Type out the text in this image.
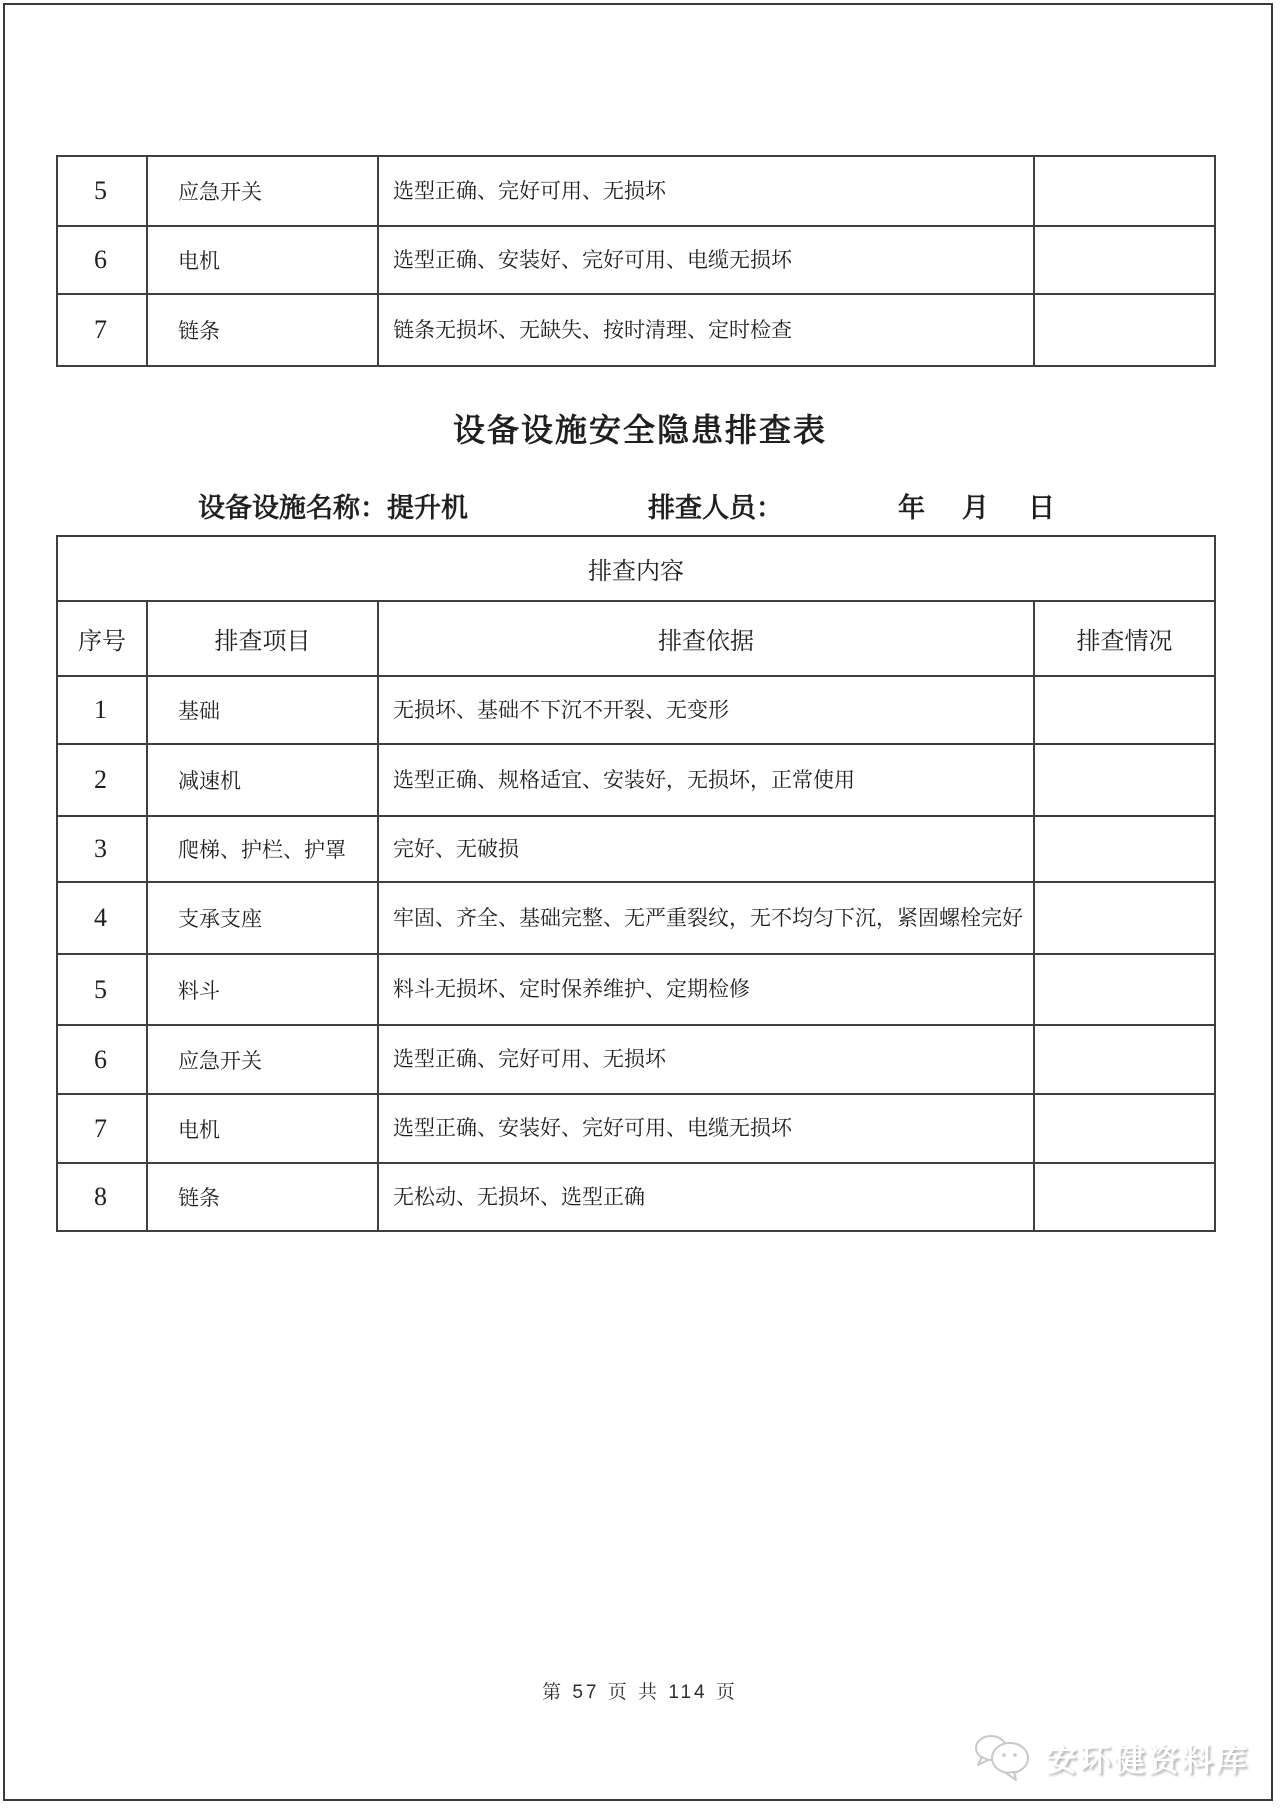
5	应急开关	选型正确、完好可用、无损坏	
6	电机	选型正确、安装好、完好可用、电缆无损坏	
7	链条	链条无损坏、无缺失、按时清理、定时检查	
设备设施安全隐患排查表
设备设施名称：提升机	排查人员：	年 月 日
排查内容			
序号	排查项目	排查依据	排查情况
1	基础	无损坏、基础不下沉不开裂、无变形	
2	减速机	选型正确、规格适宜、安装好，无损坏，正常使用	
3	爬梯、护栏、护罩	完好、无破损	
4	支承支座	牢固、齐全、基础完整、无严重裂纹，无不均匀下沉，紧固螺栓完好	
5	料斗	料斗无损坏、定时保养维护、定期检修	
6	应急开关	选型正确、完好可用、无损坏	
7	电机	选型正确、安装好、完好可用、电缆无损坏	
8	链条	无松动、无损坏、选型正确	
第 57 页 共 114 页
安环健资料库
